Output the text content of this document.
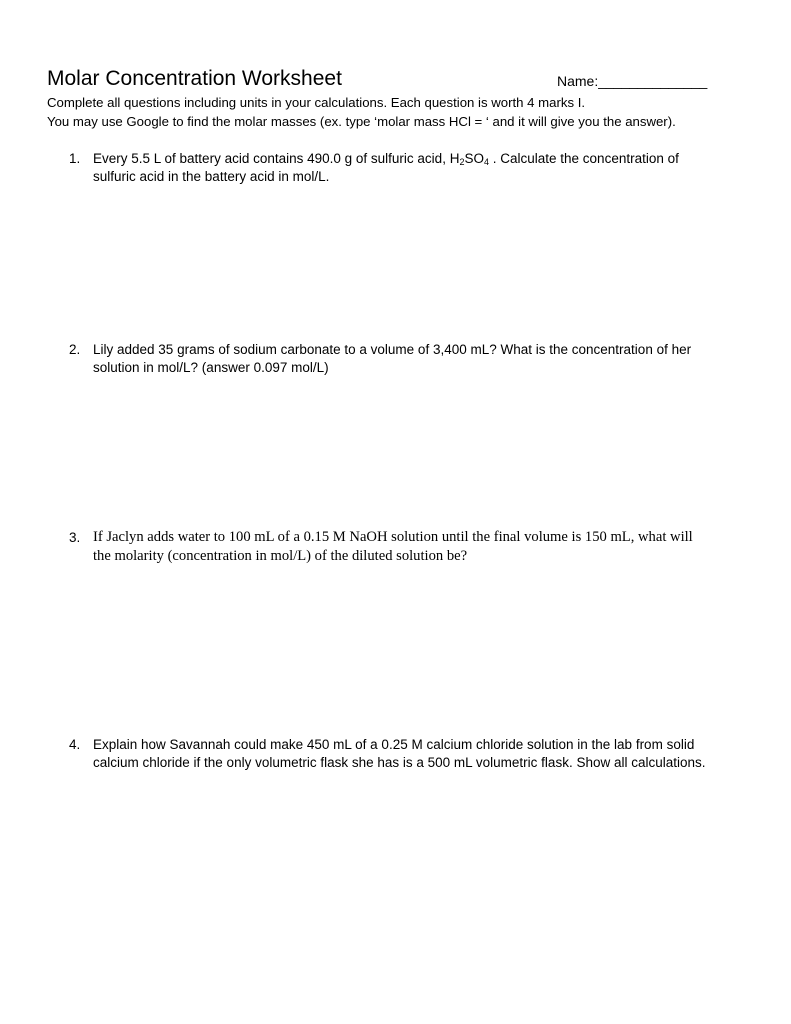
Molar Concentration Worksheet	Name:______________
Complete all questions including units in your calculations. Each question is worth 4 marks I.
You may use Google to find the molar masses (ex. type ‘molar mass HCl = ‘ and it will give you the answer).
1. Every 5.5 L of battery acid contains 490.0 g of sulfuric acid, $H_2SO_4$ . Calculate the concentration of
sulfuric acid in the battery acid in mol/L.
2. Lily added 35 grams of sodium carbonate to a volume of 3,400 mL? What is the concentration of her
solution in mol/L? (answer 0.097 mol/L)
3. If Jaclyn adds water to 100 mL of a 0.15 M NaOH solution until the final volume is 150 mL, what will
the molarity (concentration in mol/L) of the diluted solution be?
4. Explain how Savannah could make 450 mL of a 0.25 M calcium chloride solution in the lab from solid
calcium chloride if the only volumetric flask she has is a 500 mL volumetric flask. Show all calculations.
